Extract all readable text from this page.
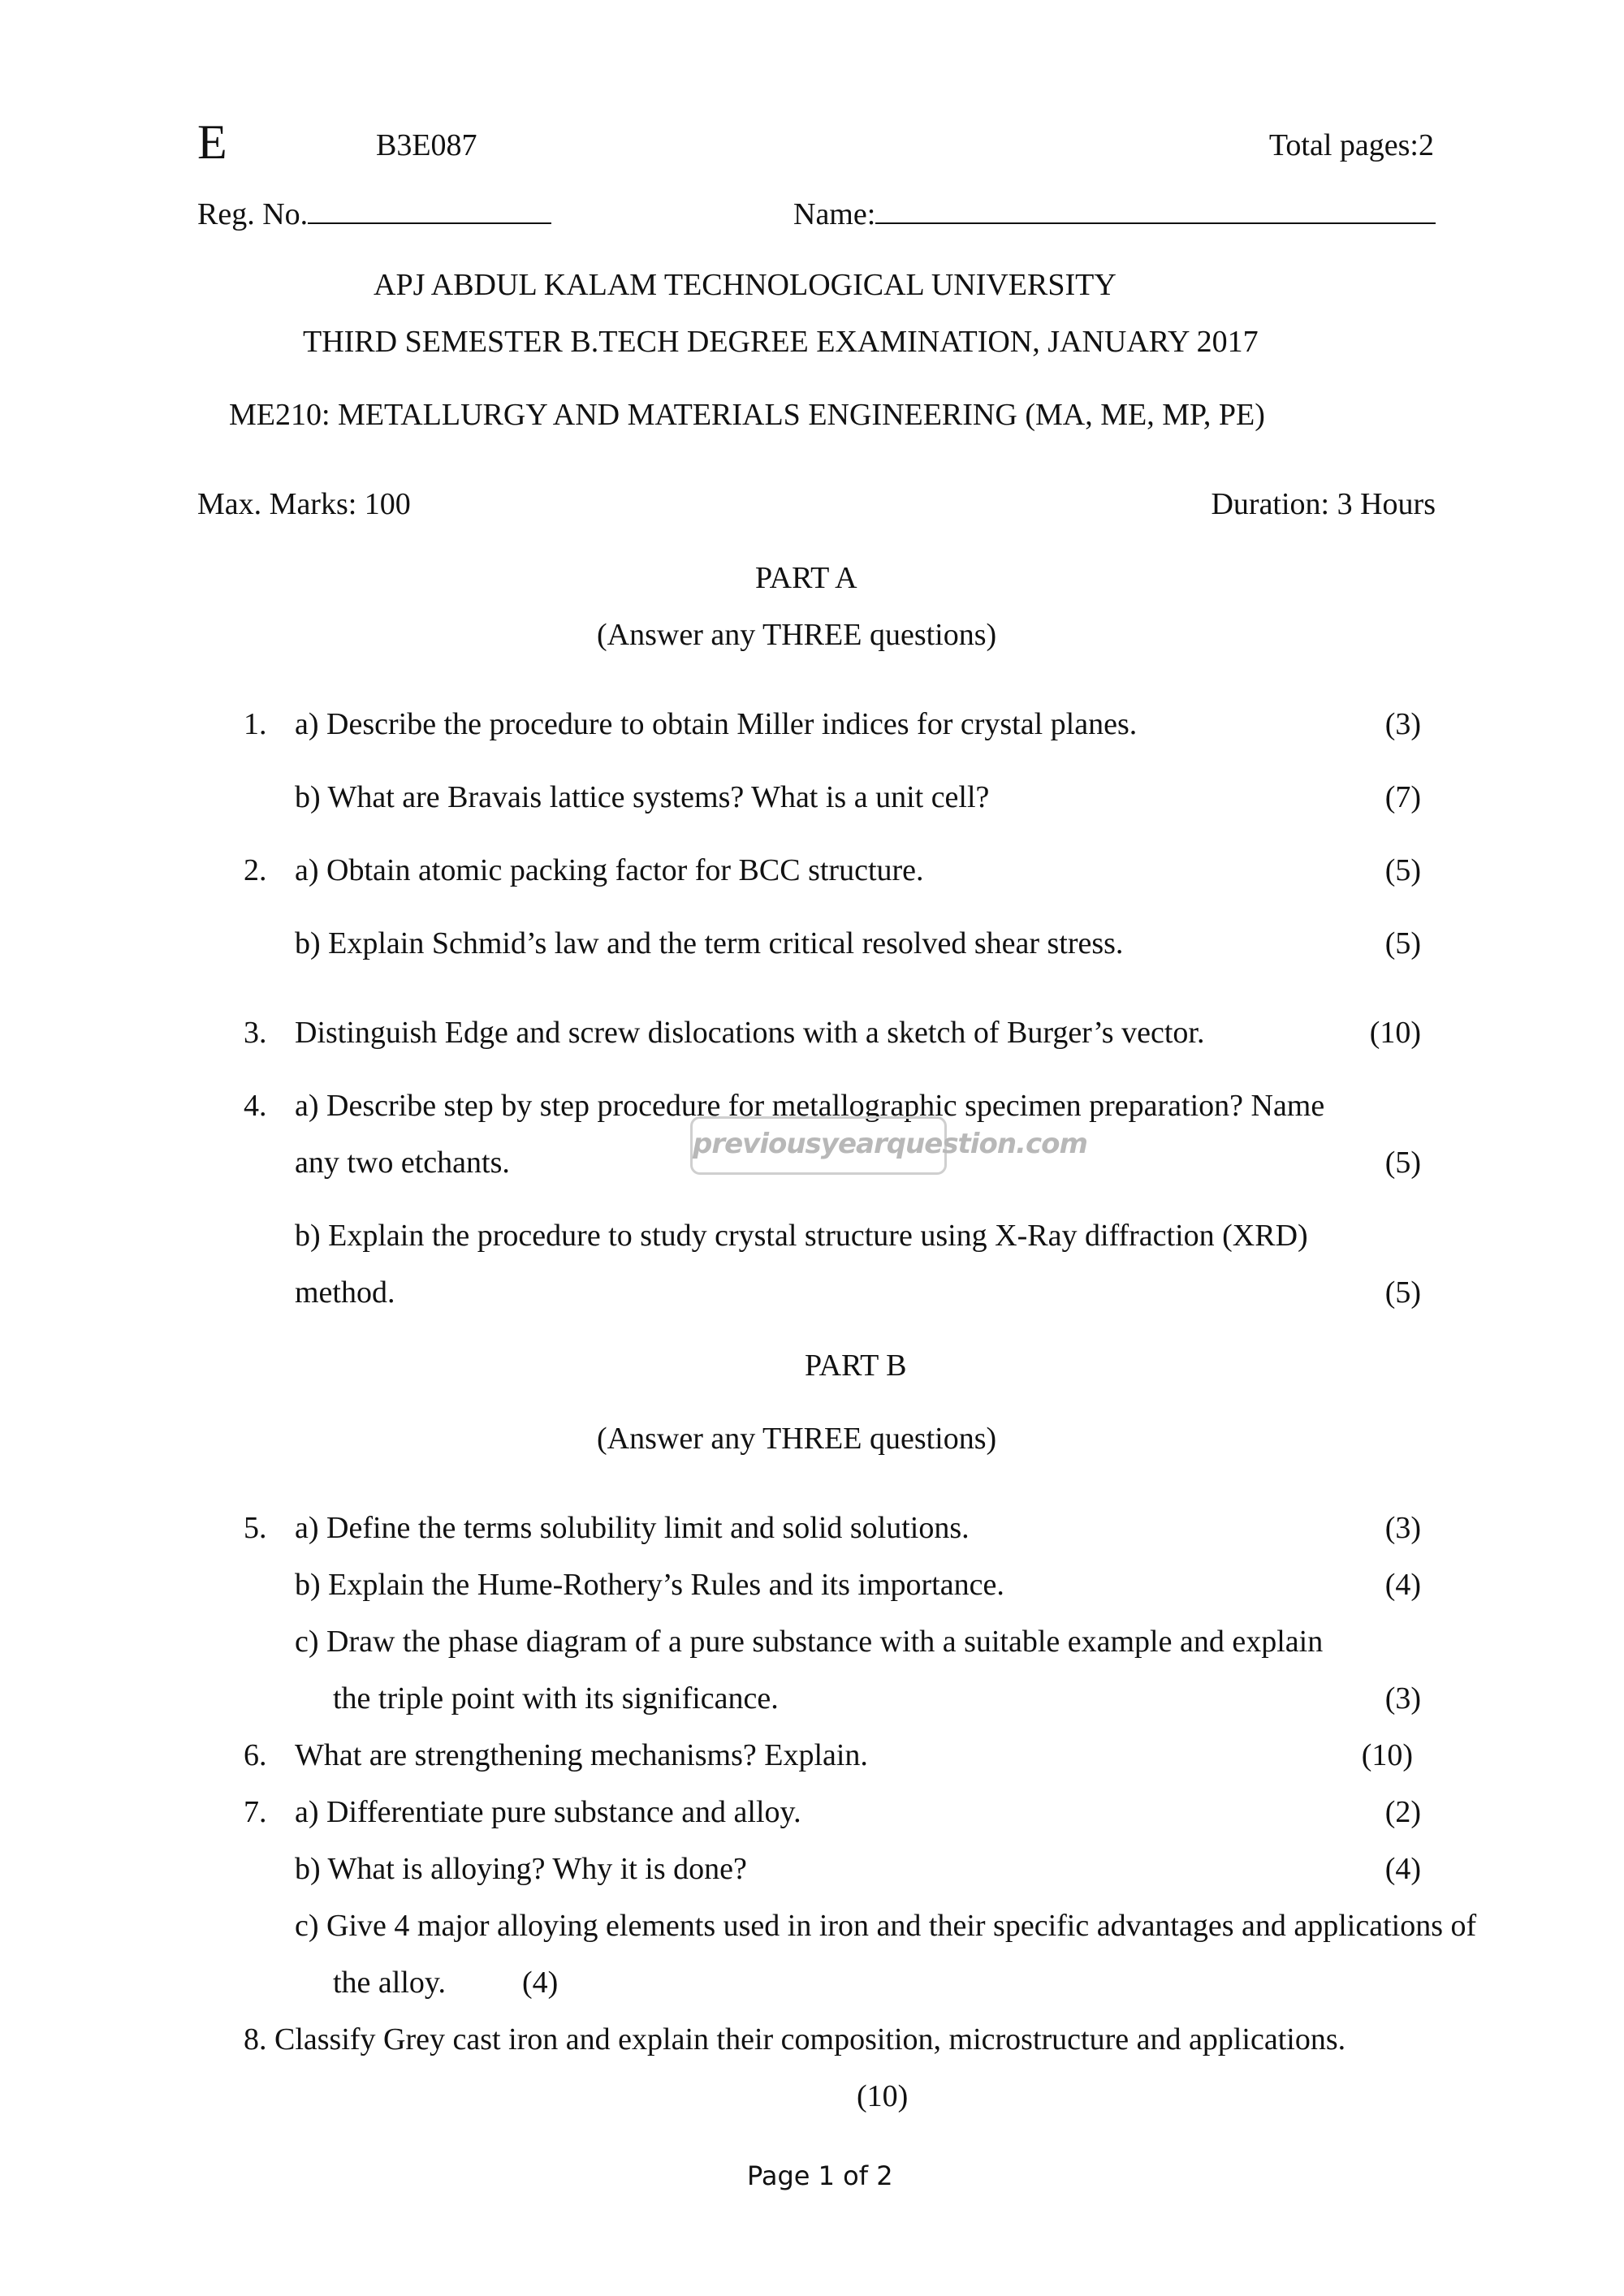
E	B3E087	Total pages:2
Reg. No.	Name:
APJ ABDUL KALAM TECHNOLOGICAL UNIVERSITY
THIRD SEMESTER B.TECH DEGREE EXAMINATION, JANUARY 2017
ME210: METALLURGY AND MATERIALS ENGINEERING (MA, ME, MP, PE)
Max. Marks: 100	Duration: 3 Hours
PART A
(Answer any THREE questions)
1. a) Describe the procedure to obtain Miller indices for crystal planes.	(3)
b) What are Bravais lattice systems? What is a unit cell?	(7)
2. a) Obtain atomic packing factor for BCC structure.	(5)
b) Explain Schmid’s law and the term critical resolved shear stress.	(5)
3. Distinguish Edge and screw dislocations with a sketch of Burger’s vector.	(10)
4. a) Describe step by step procedure for metallographic specimen preparation? Name
any two etchants.	(5)
previousyearquestion.com
b) Explain the procedure to study crystal structure using X-Ray diffraction (XRD)
method.	(5)
PART B
(Answer any THREE questions)
5. a) Define the terms solubility limit and solid solutions.	(3)
b) Explain the Hume-Rothery’s Rules and its importance.	(4)
c) Draw the phase diagram of a pure substance with a suitable example and explain
the triple point with its significance.	(3)
6. What are strengthening mechanisms? Explain.	(10)
7. a) Differentiate pure substance and alloy.	(2)
b) What is alloying? Why it is done?	(4)
c) Give 4 major alloying elements used in iron and their specific advantages and applications of
the alloy. (4)
8. Classify Grey cast iron and explain their composition, microstructure and applications.
(10)
Page 1 of 2
